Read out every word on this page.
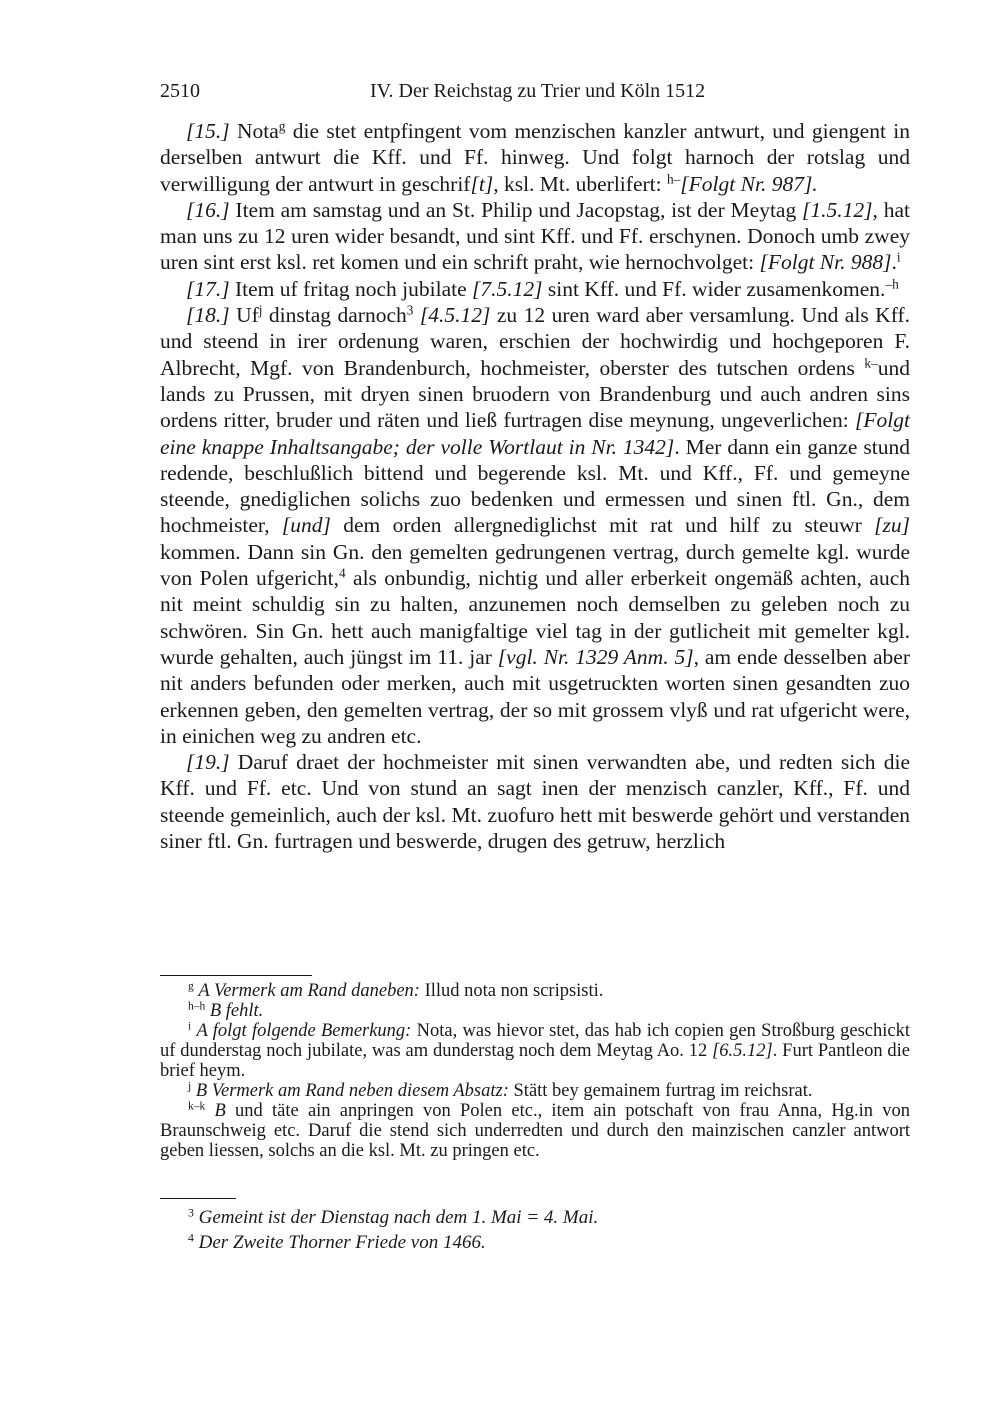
2510	IV. Der Reichstag zu Trier und Köln 1512

[15.] Nota$^g$ die stet entpfingent vom menzischen kanzler antwurt, und giengent in derselben antwurt die Kff. und Ff. hinweg. Und folgt harnoch der rotslag und verwilligung der antwurt in geschrif[t], ksl. Mt. uberlifert: $^{h-}$[Folgt Nr. 987].

[16.] Item am samstag und an St. Philip und Jacopstag, ist der Meytag [1.5.12], hat man uns zu 12 uren wider besandt, und sint Kff. und Ff. erschynen. Donoch umb zwey uren sint erst ksl. ret komen und ein schrift praht, wie hernochvolget: [Folgt Nr. 988].$^i$

[17.] Item uf fritag noch jubilate [7.5.12] sint Kff. und Ff. wider zusamenkomen.$^{-h}$

[18.] Uf$^j$ dinstag darnoch$^3$ [4.5.12] zu 12 uren ward aber versamlung. Und als Kff. und steend in irer ordenung waren, erschien der hochwirdig und hochgeporen F. Albrecht, Mgf. von Brandenburch, hochmeister, oberster des tutschen ordens $^{k-}$und lands zu Prussen, mit dryen sinen bruodern von Brandenburg und auch andren sins ordens ritter, bruder und räten und ließ furtragen dise meynung, ungeverlichen: [Folgt eine knappe Inhaltsangabe; der volle Wortlaut in Nr. 1342]. Mer dann ein ganze stund redende, beschlußlich bittend und begerende ksl. Mt. und Kff., Ff. und gemeyne steende, gnediglichen solichs zuo bedenken und ermessen und sinen ftl. Gn., dem hochmeister, [und] dem orden allergnediglichst mit rat und hilf zu steuwr [zu] kommen. Dann sin Gn. den gemelten gedrungenen vertrag, durch gemelte kgl. wurde von Polen ufgericht,$^4$ als onbundig, nichtig und aller erberkeit ongemäß achten, auch nit meint schuldig sin zu halten, anzunemen noch demselben zu geleben noch zu schwören. Sin Gn. hett auch manigfaltige viel tag in der gutlicheit mit gemelter kgl. wurde gehalten, auch jüngst im 11. jar [vgl. Nr. 1329 Anm. 5], am ende desselben aber nit anders befunden oder merken, auch mit usgetruckten worten sinen gesandten zuo erkennen geben, den gemelten vertrag, der so mit grossem vlyß und rat ufgericht were, in einichen weg zu andren etc.

[19.] Daruf draet der hochmeister mit sinen verwandten abe, und redten sich die Kff. und Ff. etc. Und von stund an sagt inen der menzisch canzler, Kff., Ff. und steende gemeinlich, auch der ksl. Mt. zuofuro hett mit beswerde gehört und verstanden siner ftl. Gn. furtragen und beswerde, drugen des getruw, herzlich

$^g$ A Vermerk am Rand daneben: Illud nota non scripsisti.

$^{h-h}$ B fehlt.

$^i$ A folgt folgende Bemerkung: Nota, was hievor stet, das hab ich copien gen Stroßburg geschickt uf dunderstag noch jubilate, was am dunderstag noch dem Meytag Ao. 12 [6.5.12]. Furt Pantleon die brief heym.

$^j$ B Vermerk am Rand neben diesem Absatz: Stätt bey gemainem furtrag im reichsrat.

$^{k-k}$ B und täte ain anpringen von Polen etc., item ain potschaft von frau Anna, Hg.in von Braunschweig etc. Daruf die stend sich underredten und durch den mainzischen canzler antwort geben liessen, solchs an die ksl. Mt. zu pringen etc.

$^3$ Gemeint ist der Dienstag nach dem 1. Mai = 4. Mai.

$^4$ Der Zweite Thorner Friede von 1466.
